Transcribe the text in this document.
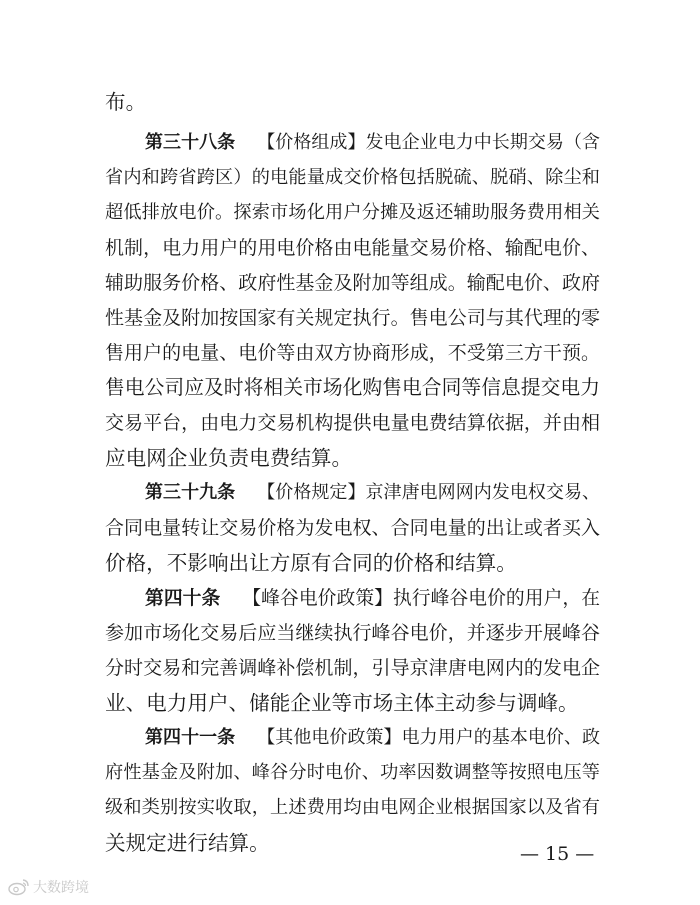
布。
第三十八条 【价格组成】发电企业电力中长期交易（含
省内和跨省跨区）的电能量成交价格包括脱硫、脱硝、除尘和
超低排放电价。探索市场化用户分摊及返还辅助服务费用相关
机制，电力用户的用电价格由电能量交易价格、输配电价、
辅助服务价格、政府性基金及附加等组成。输配电价、政府
性基金及附加按国家有关规定执行。售电公司与其代理的零
售用户的电量、电价等由双方协商形成，不受第三方干预。
售电公司应及时将相关市场化购售电合同等信息提交电力
交易平台，由电力交易机构提供电量电费结算依据，并由相
应电网企业负责电费结算。
第三十九条 【价格规定】京津唐电网网内发电权交易、
合同电量转让交易价格为发电权、合同电量的出让或者买入
价格，不影响出让方原有合同的价格和结算。
第四十条 【峰谷电价政策】执行峰谷电价的用户，在
参加市场化交易后应当继续执行峰谷电价，并逐步开展峰谷
分时交易和完善调峰补偿机制，引导京津唐电网内的发电企
业、电力用户、储能企业等市场主体主动参与调峰。
第四十一条 【其他电价政策】电力用户的基本电价、政
府性基金及附加、峰谷分时电价、功率因数调整等按照电压等
级和类别按实收取，上述费用均由电网企业根据国家以及省有
关规定进行结算。	— 15 —
大数跨境
